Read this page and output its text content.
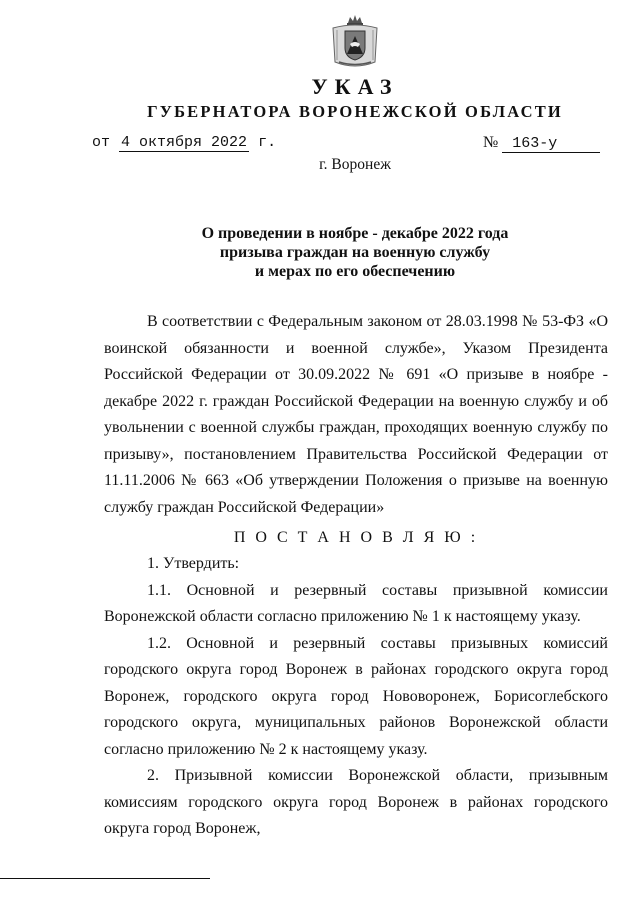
УКАЗ
ГУБЕРНАТОРА ВОРОНЕЖСКОЙ ОБЛАСТИ
от 4 октября 2022 г.	№ 163-у
г. Воронеж
О проведении в ноябре - декабре 2022 года
призыва граждан на военную службу
и мерах по его обеспечению

В соответствии с Федеральным законом от 28.03.1998 № 53-ФЗ «О воинской обязанности и военной службе», Указом Президента Российской Федерации от 30.09.2022 № 691 «О призыве в ноябре - декабре 2022 г. граждан Российской Федерации на военную службу и об увольнении с военной службы граждан, проходящих военную службу по призыву», постановлением Правительства Российской Федерации от 11.11.2006 № 663 «Об утверждении Положения о призыве на военную службу граждан Российской Федерации»

П О С Т А Н О В Л Я Ю :

1. Утвердить:

1.1. Основной и резервный составы призывной комиссии Воронежской области согласно приложению № 1 к настоящему указу.

1.2. Основной и резервный составы призывных комиссий городского округа город Воронеж в районах городского округа город Воронеж, городского округа город Нововоронеж, Борисоглебского городского округа, муниципальных районов Воронежской области согласно приложению № 2 к настоящему указу.

2. Призывной комиссии Воронежской области, призывным комиссиям городского округа город Воронеж в районах городского округа город Воронеж,
